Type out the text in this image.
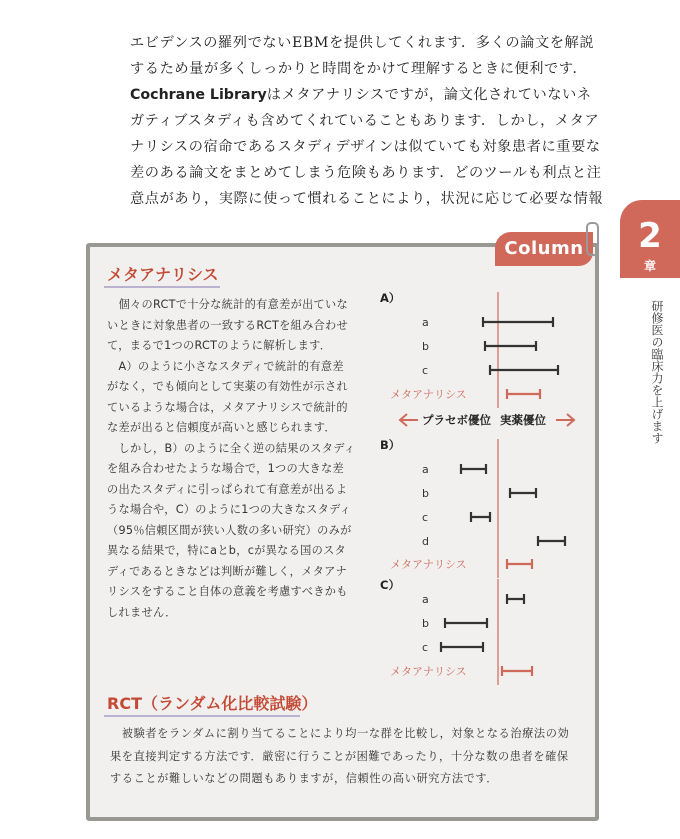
エビデンスの羅列でないEBMを提供してくれます．多くの論文を解説
するため量が多くしっかりと時間をかけて理解するときに便利です．
Cochrane Libraryはメタアナリシスですが，論文化されていないネ
ガティブスタディも含めてくれていることもあります．しかし，メタア
ナリシスの宿命であるスタディデザインは似ていても対象患者に重要な
差のある論文をまとめてしまう危険もあります．どのツールも利点と注
意点があり，実際に使って慣れることにより，状況に応じて必要な情報
2
章
研修医の臨床力を上げます
Column
メタアナリシス
　個々のRCTで十分な統計的有意差が出ていな
いときに対象患者の一致するRCTを組み合わせ
て，まるで1つのRCTのように解析します．
　A）のように小さなスタディで統計的有意差
がなく，でも傾向として実薬の有効性が示され
ているような場合は，メタアナリシスで統計的
な差が出ると信頼度が高いと感じられます．
　しかし，B）のように全く逆の結果のスタディ
を組み合わせたような場合で，1つの大きな差
の出たスタディに引っぱられて有意差が出るよ
うな場合や，C）のように1つの大きなスタディ
（95％信頼区間が狭い人数の多い研究）のみが
異なる結果で，特にaとb，cが異なる国のスタ
ディであるときなどは判断が難しく，メタアナ
リシスをすること自体の意義を考慮すべきかも
しれません．
A）
a
b
c
メタアナリシス
B）
a
b
c
d
メタアナリシス
C）
a
b
c
メタアナリシス
プラセボ優位 実薬優位
RCT（ランダム化比較試験）
　被験者をランダムに割り当てることにより均一な群を比較し，対象となる治療法の効
果を直接判定する方法です．厳密に行うことが困難であったり，十分な数の患者を確保
することが難しいなどの問題もありますが，信頼性の高い研究方法です．
